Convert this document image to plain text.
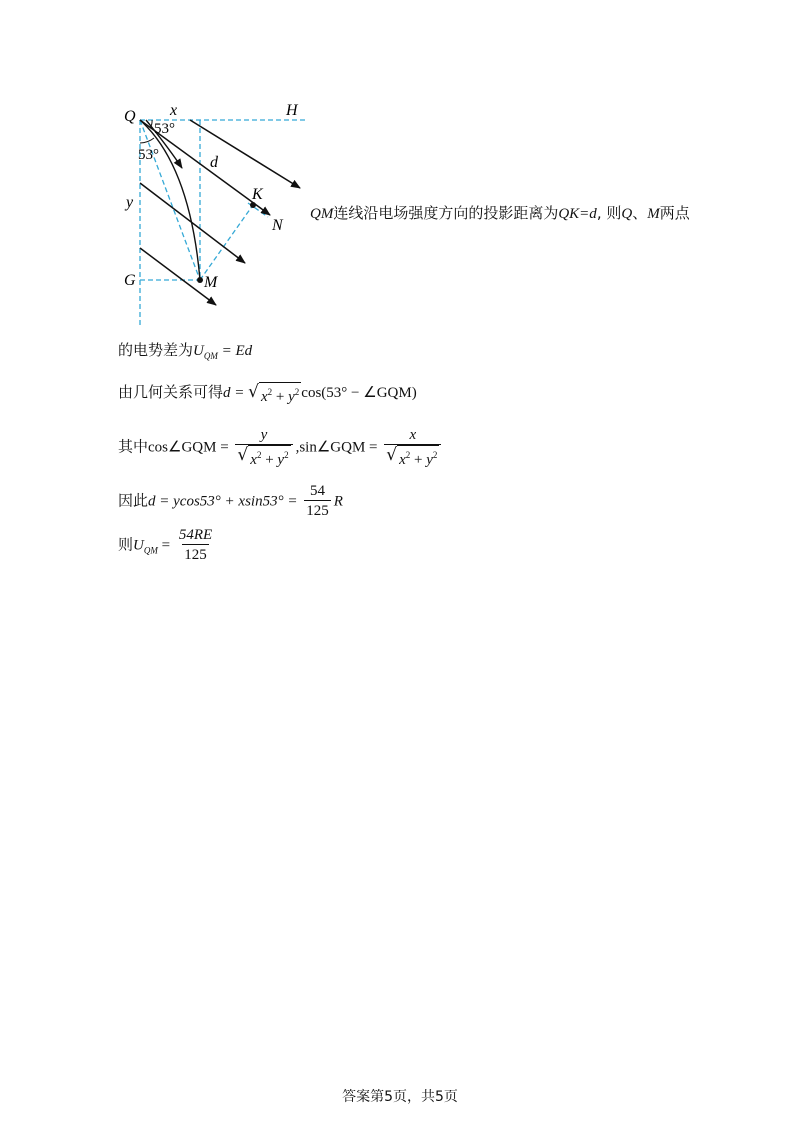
Q x	H
53°
53°	d
K
N
y
G	M
QM连线沿电场强度方向的投影距离为QK=d, 则Q、M两点
的电势差为$U_{QM} = Ed$
由几何关系可得d = √ $x^2 + y^2$ cos(53° − ∠GQM)
其中cos∠GQM = $\frac{y}{√ x^2 + y^2}$ ,sin∠GQM = $\frac{x}{√ x^2 + y^2}$
因此$d = ycos53^\circ + xsin53^\circ = \frac{54}{125}$ R
则$U_{QM} = \frac{54RE}{125}$
答案第5页，共5页
